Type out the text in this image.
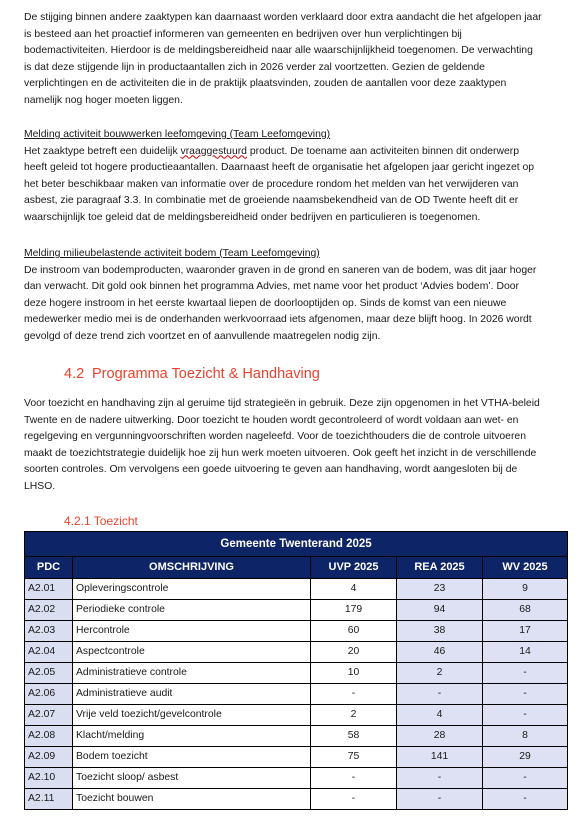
De stijging binnen andere zaaktypen kan daarnaast worden verklaard door extra aandacht die het afgelopen jaar
is besteed aan het proactief informeren van gemeenten en bedrijven over hun verplichtingen bij
bodemactiviteiten. Hierdoor is de meldingsbereidheid naar alle waarschijnlijkheid toegenomen. De verwachting
is dat deze stijgende lijn in productaantallen zich in 2026 verder zal voortzetten. Gezien de geldende
verplichtingen en de activiteiten die in de praktijk plaatsvinden, zouden de aantallen voor deze zaaktypen
namelijk nog hoger moeten liggen.
Melding activiteit bouwwerken leefomgeving (Team Leefomgeving)
Het zaaktype betreft een duidelijk vraaggestuurd product. De toename aan activiteiten binnen dit onderwerp
heeft geleid tot hogere productieaantallen. Daarnaast heeft de organisatie het afgelopen jaar gericht ingezet op
het beter beschikbaar maken van informatie over de procedure rondom het melden van het verwijderen van
asbest, zie paragraaf 3.3. In combinatie met de groeiende naamsbekendheid van de OD Twente heeft dit er
waarschijnlijk toe geleid dat de meldingsbereidheid onder bedrijven en particulieren is toegenomen.
Melding milieubelastende activiteit bodem (Team Leefomgeving)
De instroom van bodemproducten, waaronder graven in de grond en saneren van de bodem, was dit jaar hoger
dan verwacht. Dit gold ook binnen het programma Advies, met name voor het product ‘Advies bodem’. Door
deze hogere instroom in het eerste kwartaal liepen de doorlooptijden op. Sinds de komst van een nieuwe
medewerker medio mei is de onderhanden werkvoorraad iets afgenomen, maar deze blijft hoog. In 2026 wordt
gevolgd of deze trend zich voortzet en of aanvullende maatregelen nodig zijn.
4.2 Programma Toezicht & Handhaving
Voor toezicht en handhaving zijn al geruime tijd strategieën in gebruik. Deze zijn opgenomen in het VTHA-beleid
Twente en de nadere uitwerking. Door toezicht te houden wordt gecontroleerd of wordt voldaan aan wet- en
regelgeving en vergunningvoorschriften worden nageleefd. Voor de toezichthouders die de controle uitvoeren
maakt de toezichtstrategie duidelijk hoe zij hun werk moeten uitvoeren. Ook geeft het inzicht in de verschillende
soorten controles. Om vervolgens een goede uitvoering te geven aan handhaving, wordt aangesloten bij de
LHSO.
4.2.1 Toezicht
Gemeente Twenterand 2025				
PDC	OMSCHRIJVING	UVP 2025	REA 2025	WV 2025
A2.01	Opleveringscontrole	4	23	9
A2.02	Periodieke controle	179	94	68
A2.03	Hercontrole	60	38	17
A2.04	Aspectcontrole	20	46	14
A2.05	Administratieve controle	10	2	-
A2.06	Administratieve audit	-	-	-
A2.07	Vrije veld toezicht/gevelcontrole	2	4	-
A2.08	Klacht/melding	58	28	8
A2.09	Bodem toezicht	75	141	29
A2.10	Toezicht sloop/ asbest	-	-	-
A2.11	Toezicht bouwen	-	-	-
